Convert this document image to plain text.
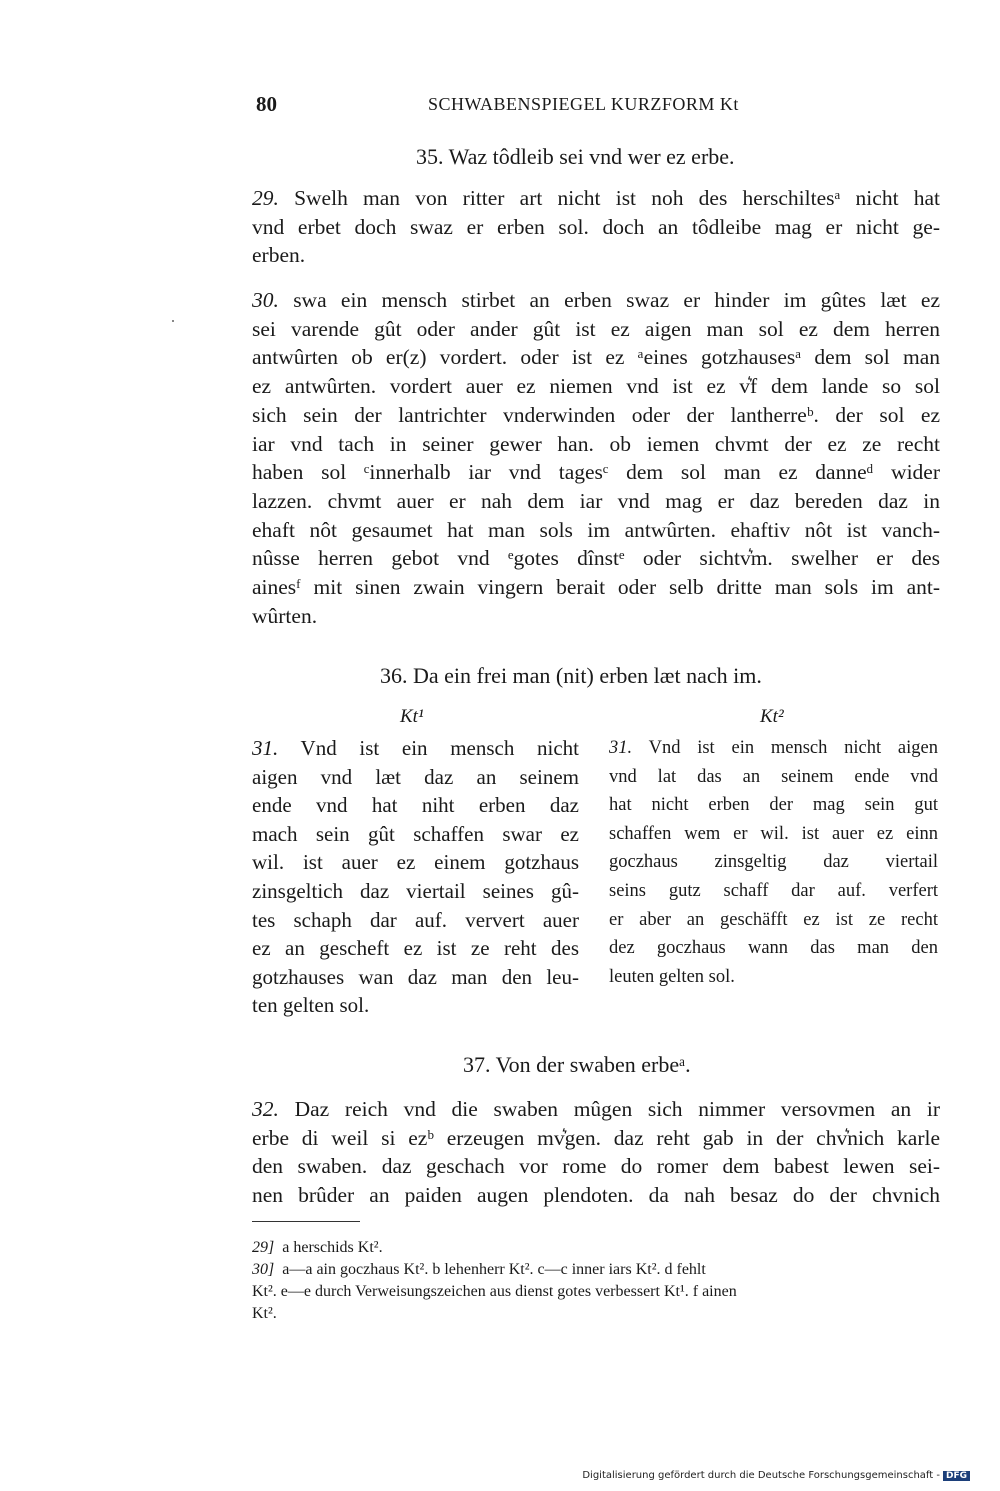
80	SCHWABENSPIEGEL KURZFORM Kt
35. Waz tôdleib sei vnd wer ez erbe.
29. Swelh man von ritter art nicht ist noh des herschiltesᵃ nicht hat
vnd erbet doch swaz er erben sol. doch an tôdleibe mag er nicht ge-
erben.
30. swa ein mensch stirbet an erben swaz er hinder im gûtes læt ez
sei varende gût oder ander gût ist ez aigen man sol ez dem herren
antwûrten ob er(z) vordert. oder ist ez ᵃeines gotzhausesᵃ dem sol man
ez antwûrten. vordert auer ez niemen vnd ist ez v͛f dem lande so sol
sich sein der lantrichter vnderwinden oder der lantherreᵇ. der sol ez
iar vnd tach in seiner gewer han. ob iemen chvmt der ez ze recht
haben sol ᶜinnerhalb iar vnd tagesᶜ dem sol man ez danneᵈ wider
lazzen. chvmt auer er nah dem iar vnd mag er daz bereden daz in
ehaft nôt gesaumet hat man sols im antwûrten. ehaftiv nôt ist vanch-
nûsse herren gebot vnd ᵉgotes dînstᵉ oder sichtv͛m. swelher er des
ainesᶠ mit sinen zwain vingern berait oder selb dritte man sols im ant-
wûrten.
36. Da ein frei man (nit) erben læt nach im.
Kt¹	Kt²
31. Vnd ist ein mensch nicht
aigen vnd læt daz an seinem
ende vnd hat niht erben daz
mach sein gût schaffen swar ez
wil. ist auer ez einem gotzhaus
zinsgeltich daz viertail seines gû-
tes schaph dar auf. ververt auer
ez an gescheft ez ist ze reht des
gotzhauses wan daz man den leu-
ten gelten sol.
31. Vnd ist ein mensch nicht aigen
vnd lat das an seinem ende vnd
hat nicht erben der mag sein gut
schaffen wem er wil. ist auer ez einn
goczhaus zinsgeltig daz viertail
seins gutz schaff dar auf. verfert
er aber an geschäfft ez ist ze recht
dez goczhaus wann das man den
leuten gelten sol.
37. Von der swaben erbeᵃ.
32. Daz reich vnd die swaben mûgen sich nimmer versovmen an ir
erbe di weil si ezᵇ erzeugen mv͛gen. daz reht gab in der chv͛nich karle
den swaben. daz geschach vor rome do romer dem babest lewen sei-
nen brûder an paiden augen plendoten. da nah besaz do der chvnich
29] a herschids Kt².
30] a—a ain goczhaus Kt². b lehenherr Kt². c—c inner iars Kt². d fehlt
Kt². e—e durch Verweisungszeichen aus dienst gotes verbessert Kt¹. f ainen
Kt².
Digitalisierung gefördert durch die Deutsche Forschungsgemeinschaft - DFG
